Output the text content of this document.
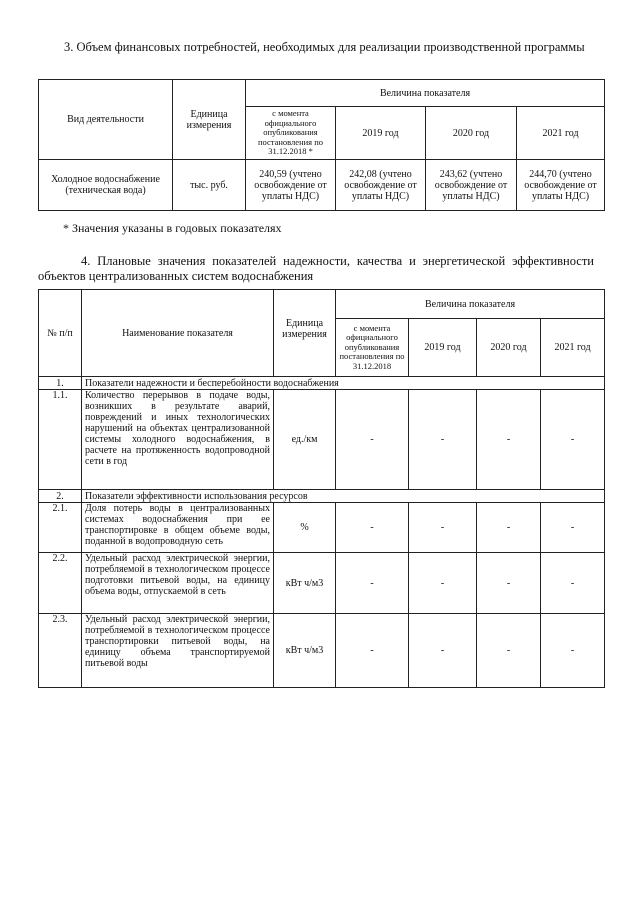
3. Объем финансовых потребностей, необходимых для реализации производственной программы
Вид деятельности	Единица измерения	Величина показателя			
		с момента официального опубликования постановления по 31.12.2018 *	2019 год	2020 год	2021 год
Холодное водоснабжение (техническая вода)	тыс. руб.	240,59 (учтено освобождение от уплаты НДС)	242,08 (учтено освобождение от уплаты НДС)	243,62 (учтено освобождение от уплаты НДС)	244,70 (учтено освобождение от уплаты НДС)
* Значения указаны в годовых показателях
4. Плановые значения показателей надежности, качества и энергетической эффективности объектов централизованных систем водоснабжения
№ п/п	Наименование показателя	Единица измерения	Величина показателя			
			с момента официального опубликования постановления по 31.12.2018	2019 год	2020 год	2021 год
1.	Показатели надежности и бесперебойности водоснабжения					
1.1.	Количество перерывов в подаче воды, возникших в результате аварий, повреждений и иных технологических нарушений на объектах централизованной системы холодного водоснабжения, в расчете на протяженность водопроводной сети в год	ед./км	-	-	-	-
2.	Показатели эффективности использования ресурсов					
2.1.	Доля потерь воды в централизованных системах водоснабжения при ее транспортировке в общем объеме воды, поданной в водопроводную сеть	%	-	-	-	-
2.2.	Удельный расход электрической энергии, потребляемой в технологическом процессе подготовки питьевой воды, на единицу объема воды, отпускаемой в сеть	кВт ч/м3	-	-	-	-
2.3.	Удельный расход электрической энергии, потребляемой в технологическом процессе транспортировки питьевой воды, на единицу объема транспортируемой питьевой воды	кВт ч/м3	-	-	-	-
